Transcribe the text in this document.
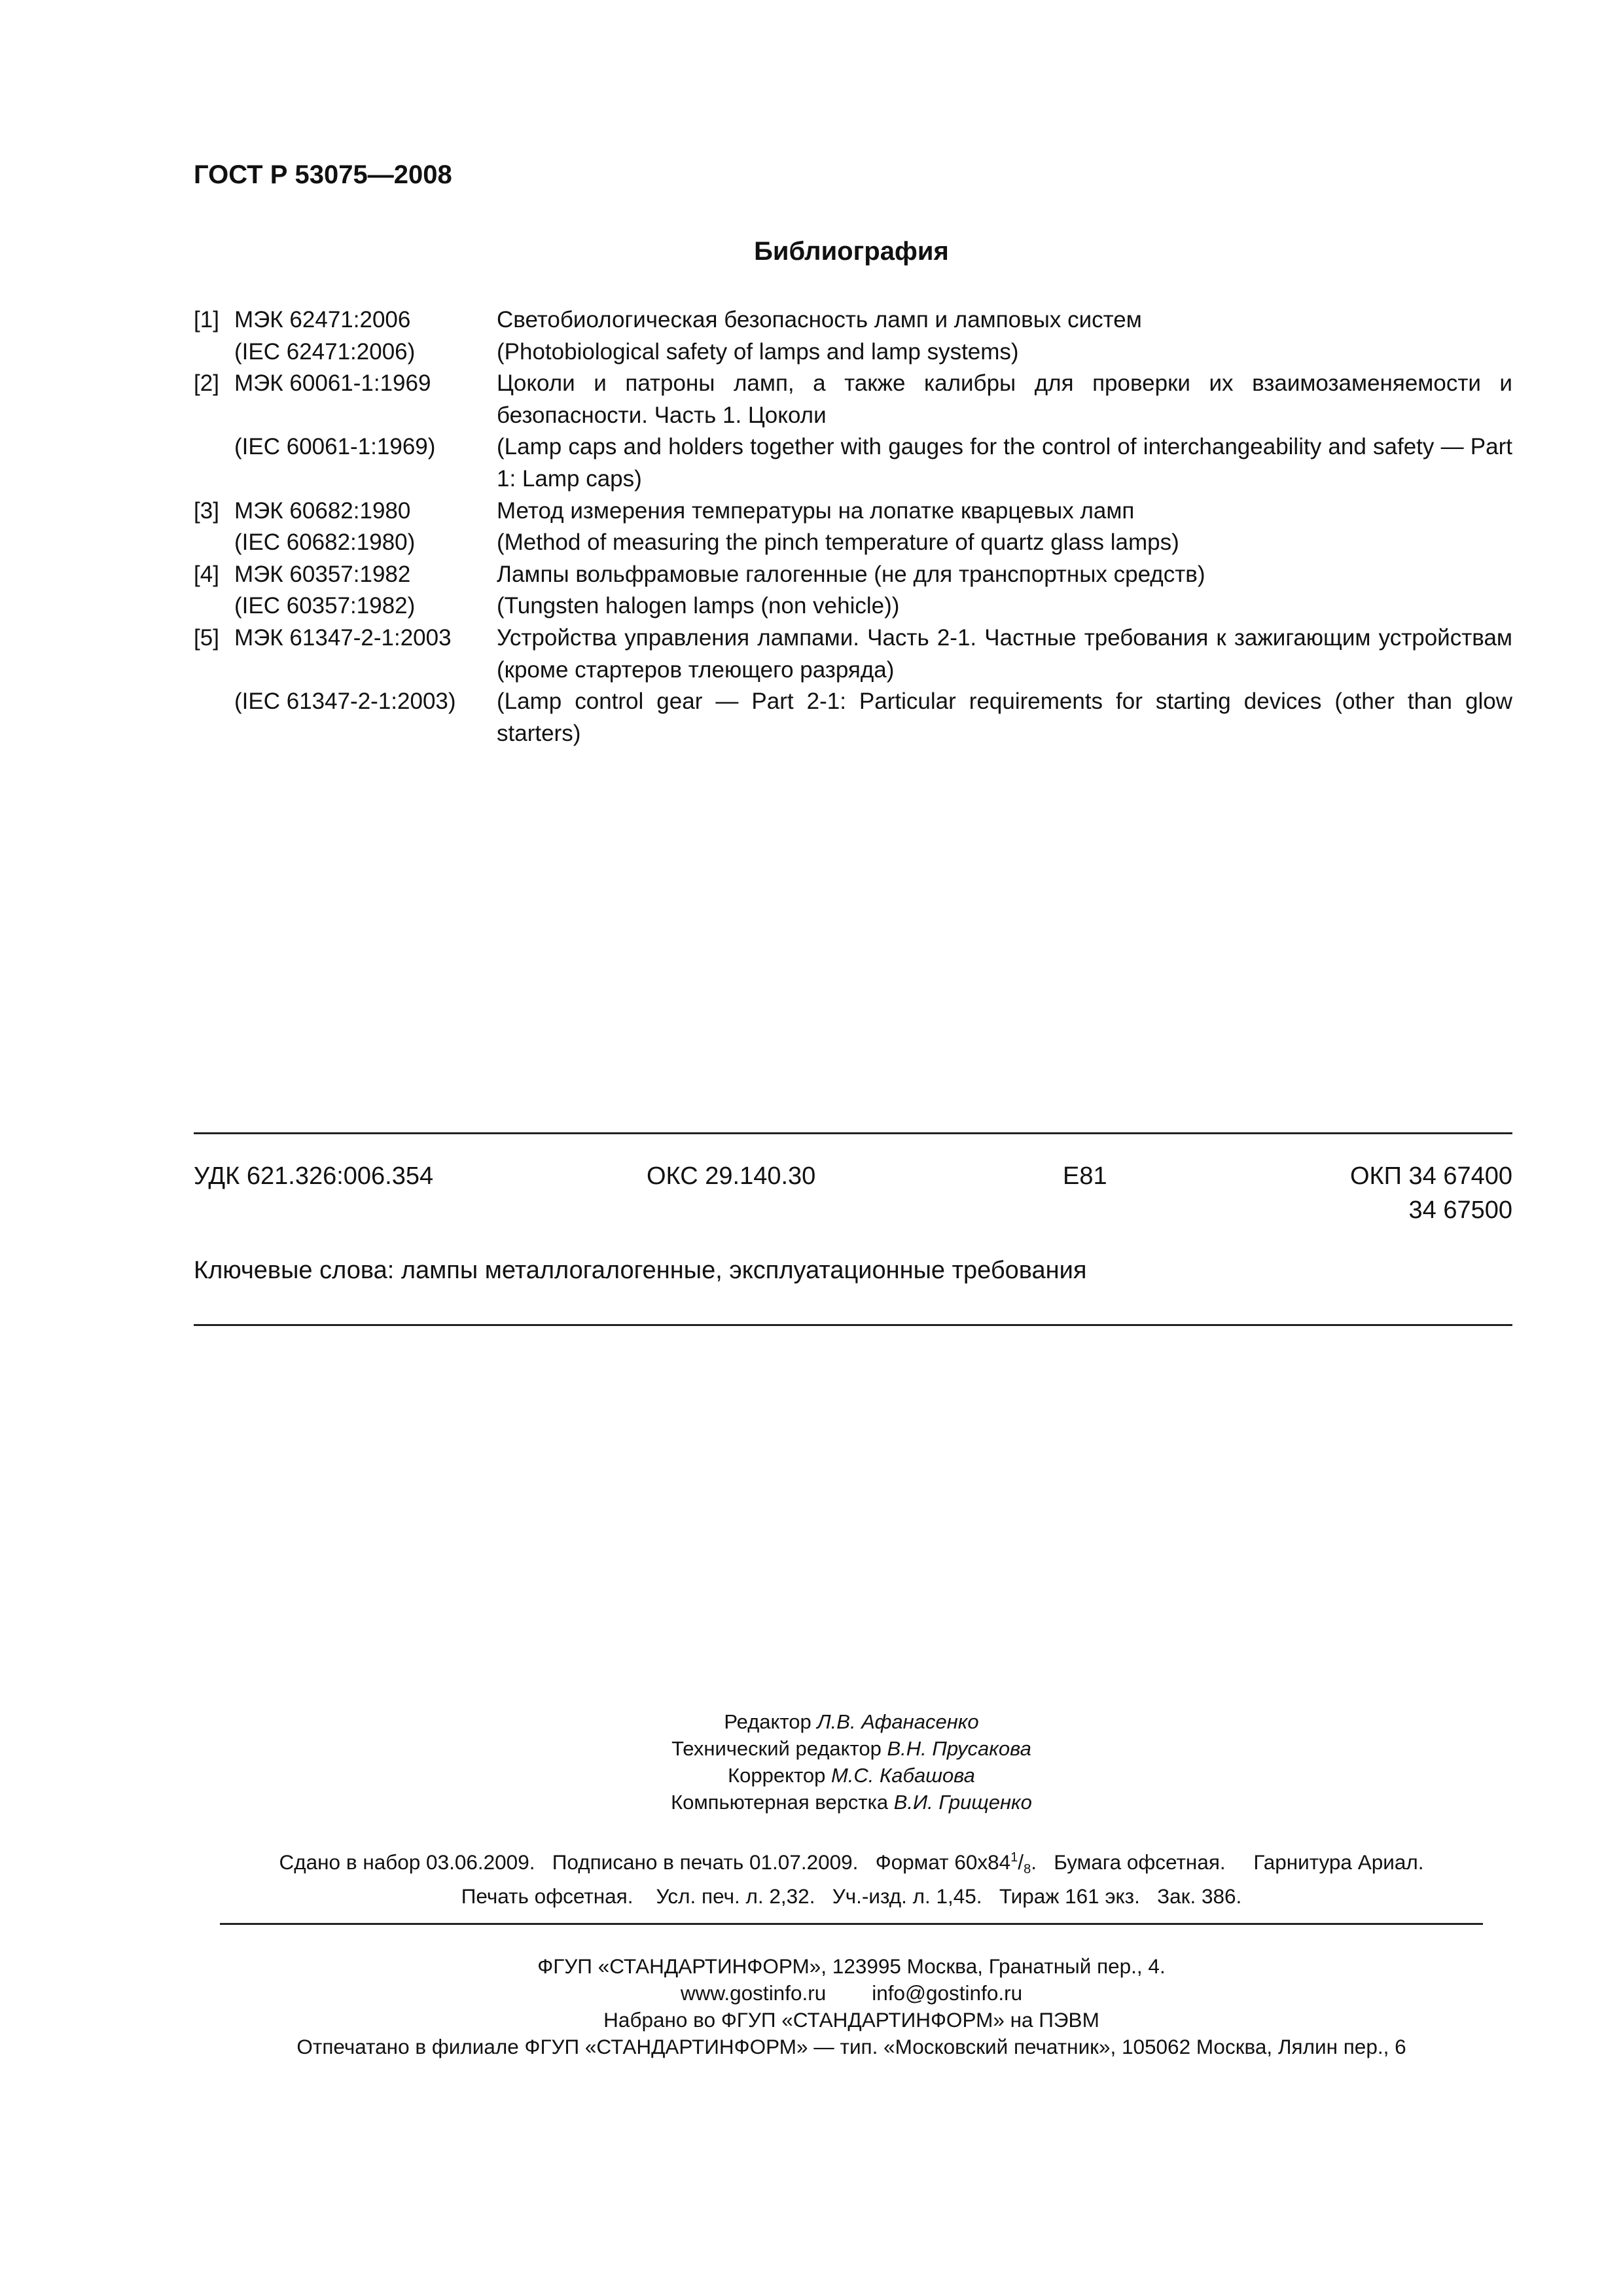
ГОСТ Р 53075—2008
Библиография
[1] МЭК 62471:2006	Светобиологическая безопасность ламп и ламповых систем
(IEC 62471:2006)	(Photobiological safety of lamps and lamp systems)
[2] МЭК 60061-1:1969	Цоколи и патроны ламп, а также калибры для проверки их взаимозаменяемости и безопасности. Часть 1. Цоколи
(IEC 60061-1:1969)	(Lamp caps and holders together with gauges for the control of interchangeability and safety — Part 1: Lamp caps)
[3] МЭК 60682:1980	Метод измерения температуры на лопатке кварцевых ламп
(IEC 60682:1980)	(Method of measuring the pinch temperature of quartz glass lamps)
[4] МЭК 60357:1982	Лампы вольфрамовые галогенные (не для транспортных средств)
(IEC 60357:1982)	(Tungsten halogen lamps (non vehicle))
[5] МЭК 61347-2-1:2003	Устройства управления лампами. Часть 2-1. Частные требования к зажигающим устройствам (кроме стартеров тлеющего разряда)
(IEC 61347-2-1:2003)	(Lamp control gear — Part 2-1: Particular requirements for starting devices (other than glow starters)
УДК 621.326:006.354	ОКС 29.140.30	Е81	ОКП 34 67400
34 67500
Ключевые слова: лампы металлогалогенные, эксплуатационные требования
Редактор Л.В. Афанасенко
Технический редактор В.Н. Прусакова
Корректор М.С. Кабашова
Компьютерная верстка В.И. Грищенко
Сдано в набор 03.06.2009. Подписано в печать 01.07.2009. Формат $60x84^1/_8$. Бумага офсетная. Гарнитура Ариал.
Печать офсетная. Усл. печ. л. 2,32. Уч.-изд. л. 1,45. Тираж 161 экз. Зак. 386.
ФГУП «СТАНДАРТИНФОРМ», 123995 Москва, Гранатный пер., 4.
www.gostinfo.ru info@gostinfo.ru
Набрано во ФГУП «СТАНДАРТИНФОРМ» на ПЭВМ
Отпечатано в филиале ФГУП «СТАНДАРТИНФОРМ» — тип. «Московский печатник», 105062 Москва, Лялин пер., 6
